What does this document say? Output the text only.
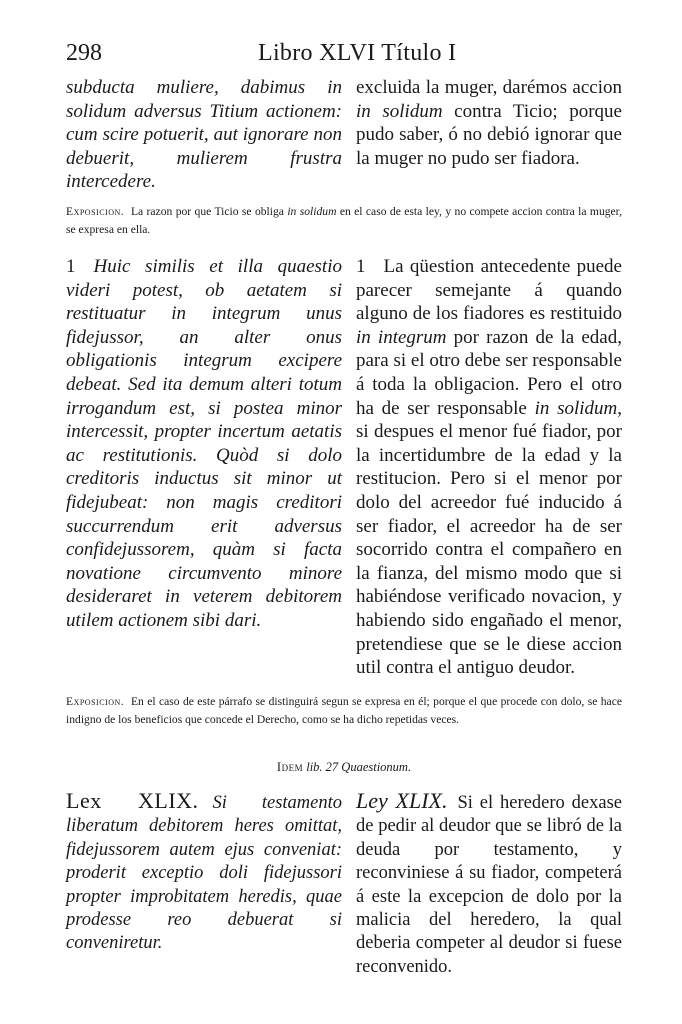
298	Libro XLVI Título I

subducta muliere, dabimus in solidum adversus Titium actionem: cum scire potuerit, aut ignorare non debuerit, mulierem frustra intercedere.

excluida la muger, darémos accion in solidum contra Ticio; porque pudo saber, ó no debió ignorar que la muger no pudo ser fiadora.

Exposicion. La razon por que Ticio se obliga in solidum en el caso de esta ley, y no compete accion contra la muger, se expresa en ella.

1 Huic similis et illa quaestio videri potest, ob aetatem si restituatur in integrum unus fidejussor, an alter onus obligationis integrum excipere debeat. Sed ita demum alteri totum irrogandum est, si postea minor intercessit, propter incertum aetatis ac restitutionis. Quòd si dolo creditoris inductus sit minor ut fidejubeat: non magis creditori succurrendum erit adversus confidejussorem, quàm si facta novatione circumvento minore desideraret in veterem debitorem utilem actionem sibi dari.

1 La qüestion antecedente puede parecer semejante á quando alguno de los fiadores es restituido in integrum por razon de la edad, para si el otro debe ser responsable á toda la obligacion. Pero el otro ha de ser responsable in solidum, si despues el menor fué fiador, por la incertidumbre de la edad y la restitucion. Pero si el menor por dolo del acreedor fué inducido á ser fiador, el acreedor ha de ser socorrido contra el compañero en la fianza, del mismo modo que si habiéndose verificado novacion, y habiendo sido engañado el menor, pretendiese que se le diese accion util contra el antiguo deudor.

Exposicion. En el caso de este párrafo se distinguirá segun se expresa en él; porque el que procede con dolo, se hace indigno de los beneficios que concede el Derecho, como se ha dicho repetidas veces.

Idem lib. 27 Quaestionum.

Lex XLIX. Si testamento liberatum debitorem heres omittat, fidejussorem autem ejus conveniat: proderit exceptio doli fidejussori propter improbitatem heredis, quae prodesse reo debuerat si conveniretur.

Ley XLIX. Si el heredero dexase de pedir al deudor que se libró de la deuda por testamento, y reconviniese á su fiador, competerá á este la excepcion de dolo por la malicia del heredero, la qual deberia competer al deudor si fuese reconvenido.
